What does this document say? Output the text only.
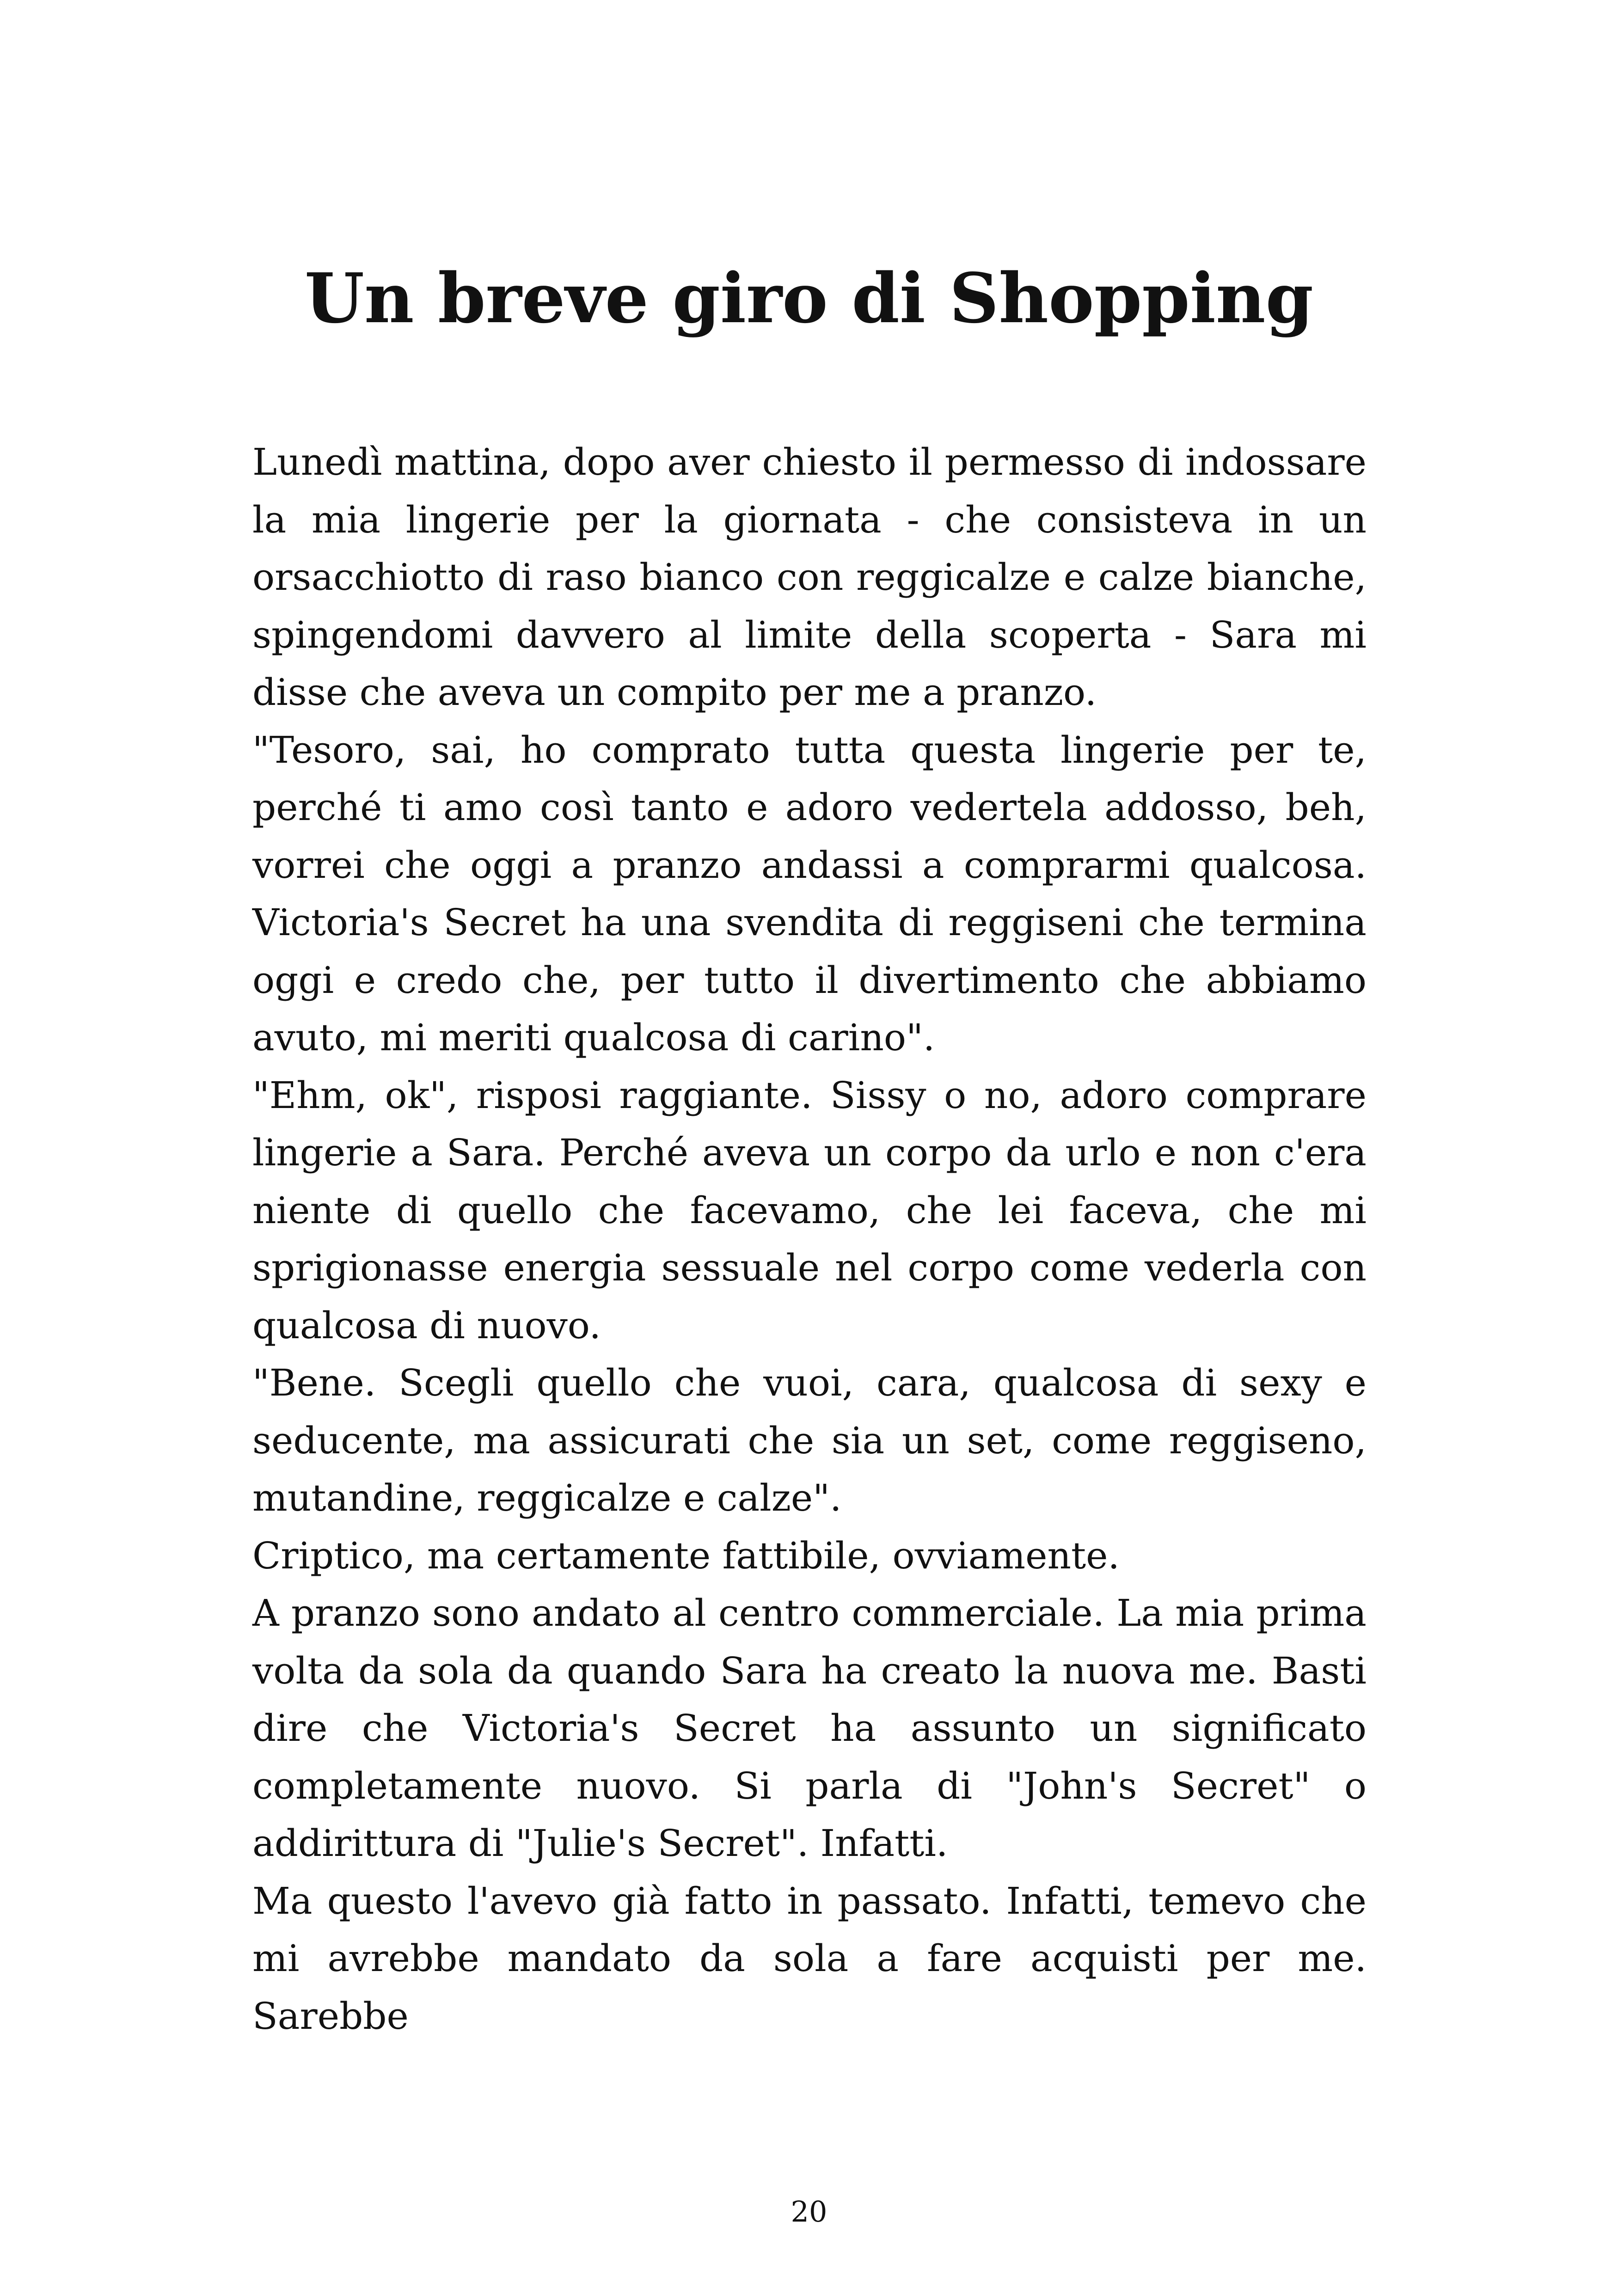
Un breve giro di Shopping

Lunedì mattina, dopo aver chiesto il permesso di indossare la mia lingerie per la giornata - che consisteva in un orsacchiotto di raso bianco con reggicalze e calze bianche, spingendomi davvero al limite della scoperta - Sara mi disse che aveva un compito per me a pranzo.

"Tesoro, sai, ho comprato tutta questa lingerie per te, perché ti amo così tanto e adoro vedertela addosso, beh, vorrei che oggi a pranzo andassi a comprarmi qualcosa. Victoria's Secret ha una svendita di reggiseni che termina oggi e credo che, per tutto il divertimento che abbiamo avuto, mi meriti qualcosa di carino".

"Ehm, ok", risposi raggiante. Sissy o no, adoro comprare lingerie a Sara. Perché aveva un corpo da urlo e non c'era niente di quello che facevamo, che lei faceva, che mi sprigionasse energia sessuale nel corpo come vederla con qualcosa di nuovo.

"Bene. Scegli quello che vuoi, cara, qualcosa di sexy e seducente, ma assicurati che sia un set, come reggiseno, mutandine, reggicalze e calze".

Criptico, ma certamente fattibile, ovviamente.

A pranzo sono andato al centro commerciale. La mia prima volta da sola da quando Sara ha creato la nuova me. Basti dire che Victoria's Secret ha assunto un significato completamente nuovo. Si parla di "John's Secret" o addirittura di "Julie's Secret". Infatti.

Ma questo l'avevo già fatto in passato. Infatti, temevo che mi avrebbe mandato da sola a fare acquisti per me. Sarebbe

20
